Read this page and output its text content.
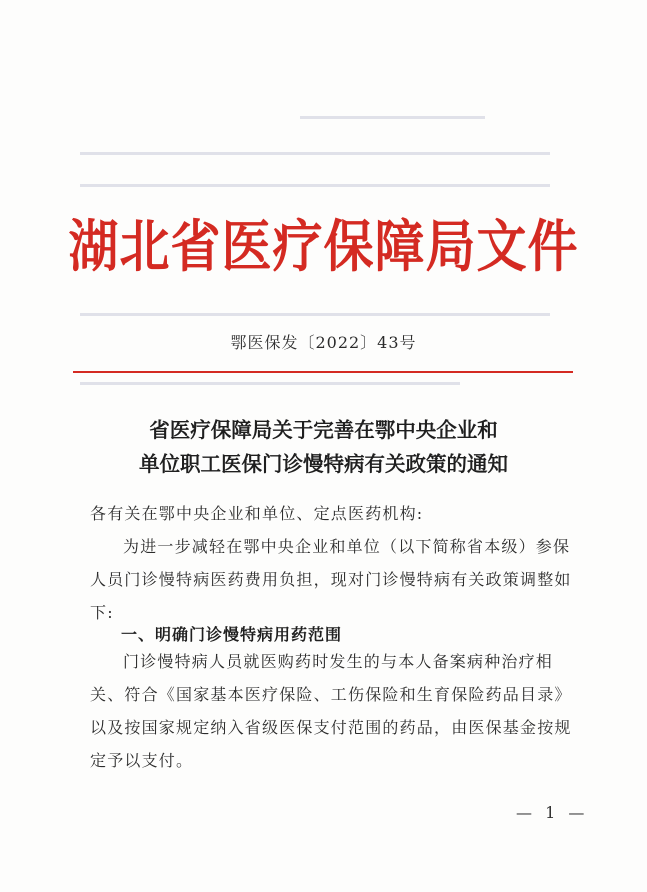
湖北省医疗保障局文件
鄂医保发〔2022〕43号
省医疗保障局关于完善在鄂中央企业和
单位职工医保门诊慢特病有关政策的通知
各有关在鄂中央企业和单位、定点医药机构:
为进一步减轻在鄂中央企业和单位（以下简称省本级）参保人员门诊慢特病医药费用负担，现对门诊慢特病有关政策调整如下:
一、明确门诊慢特病用药范围
门诊慢特病人员就医购药时发生的与本人备案病种治疗相关、符合《国家基本医疗保险、工伤保险和生育保险药品目录》以及按国家规定纳入省级医保支付范围的药品，由医保基金按规定予以支付。
— 1 —
